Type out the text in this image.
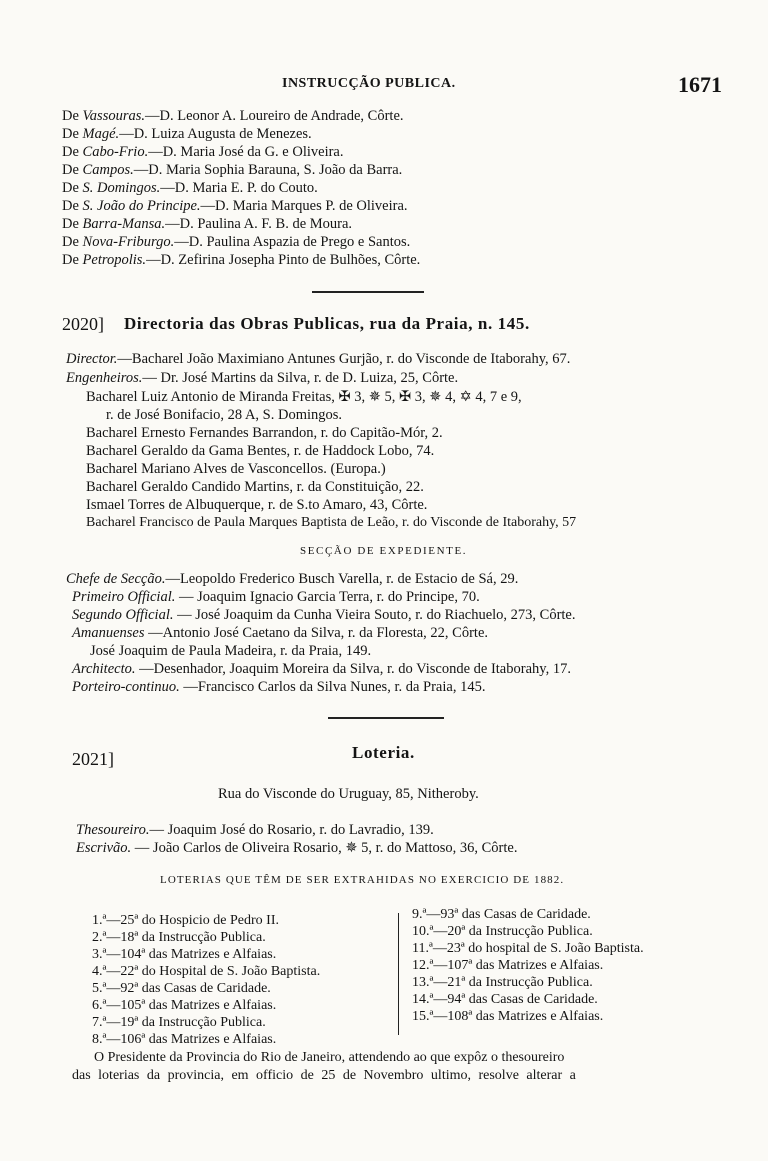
INSTRUCÇÃO PUBLICA.	1671
De Vassouras.—D. Leonor A. Loureiro de Andrade, Côrte.
De Magé.—D. Luiza Augusta de Menezes.
De Cabo-Frio.—D. Maria José da G. e Oliveira.
De Campos.—D. Maria Sophia Barauna, S. João da Barra.
De S. Domingos.—D. Maria E. P. do Couto.
De S. João do Principe.—D. Maria Marques P. de Oliveira.
De Barra-Mansa.—D. Paulina A. F. B. de Moura.
De Nova-Friburgo.—D. Paulina Aspazia de Prego e Santos.
De Petropolis.—D. Zefirina Josepha Pinto de Bulhões, Côrte.
2020] Directoria das Obras Publicas, rua da Praia, n. 145.
Director.—Bacharel João Maximiano Antunes Gurjão, r. do Visconde de Itaborahy, 67.
Engenheiros.— Dr. José Martins da Silva, r. de D. Luiza, 25, Côrte.
Bacharel Luiz Antonio de Miranda Freitas, ✠ 3, ✵ 5, ✠ 3, ✵ 4, ✡ 4, 7 e 9,
r. de José Bonifacio, 28 A, S. Domingos.
Bacharel Ernesto Fernandes Barrandon, r. do Capitão-Mór, 2.
Bacharel Geraldo da Gama Bentes, r. de Haddock Lobo, 74.
Bacharel Mariano Alves de Vasconcellos. (Europa.)
Bacharel Geraldo Candido Martins, r. da Constituição, 22.
Ismael Torres de Albuquerque, r. de S.to Amaro, 43, Côrte.
Bacharel Francisco de Paula Marques Baptista de Leão, r. do Visconde de Itaborahy, 57
SECÇÃO DE EXPEDIENTE.
Chefe de Secção.—Leopoldo Frederico Busch Varella, r. de Estacio de Sá, 29.
Primeiro Official. — Joaquim Ignacio Garcia Terra, r. do Principe, 70.
Segundo Official. — José Joaquim da Cunha Vieira Souto, r. do Riachuelo, 273, Côrte.
Amanuenses —Antonio José Caetano da Silva, r. da Floresta, 22, Côrte.
José Joaquim de Paula Madeira, r. da Praia, 149.
Architecto. —Desenhador, Joaquim Moreira da Silva, r. do Visconde de Itaborahy, 17.
Porteiro-continuo. —Francisco Carlos da Silva Nunes, r. da Praia, 145.
2021]	Loteria.
Rua do Visconde do Uruguay, 85, Nitheroby.
Thesoureiro.— Joaquim José do Rosario, r. do Lavradio, 139.
Escrivão. — João Carlos de Oliveira Rosario, ✵ 5, r. do Mattoso, 36, Côrte.
LOTERIAS QUE TÊM DE SER EXTRAHIDAS NO EXERCICIO DE 1882.
1.ª—25ª do Hospicio de Pedro II.
2.ª—18ª da Instrucção Publica.
3.ª—104ª das Matrizes e Alfaias.
4.ª—22ª do Hospital de S. João Baptista.
5.ª—92ª das Casas de Caridade.
6.ª—105ª das Matrizes e Alfaias.
7.ª—19ª da Instrucção Publica.
8.ª—106ª das Matrizes e Alfaias.
9.ª—93ª das Casas de Caridade.
10.ª—20ª da Instrucção Publica.
11.ª—23ª do hospital de S. João Baptista.
12.ª—107ª das Matrizes e Alfaias.
13.ª—21ª da Instrucção Publica.
14.ª—94ª das Casas de Caridade.
15.ª—108ª das Matrizes e Alfaias.
O Presidente da Provincia do Rio de Janeiro, attendendo ao que expôz o thesoureiro
das loterias da provincia, em officio de 25 de Novembro ultimo, resolve alterar a
